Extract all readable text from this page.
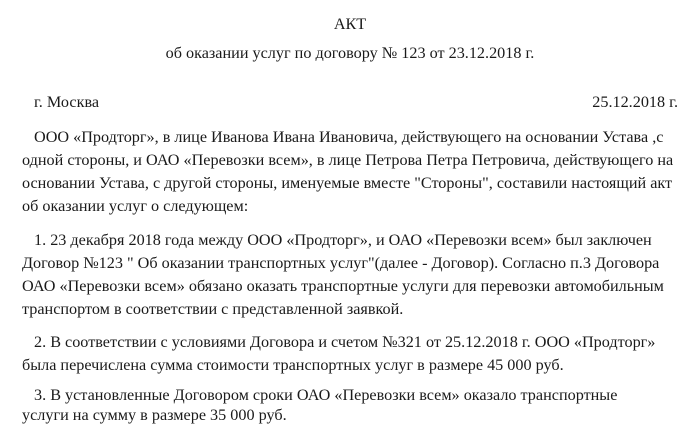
АКТ
об оказании услуг по договору № 123 от 23.12.2018 г.
г. Москва	25.12.2018 г.
ООО «Продторг», в лице Иванова Ивана Ивановича, действующего на основании Устава ,с
одной стороны, и ОАО «Перевозки всем», в лице Петрова Петра Петровича, действующего на
основании Устава, с другой стороны, именуемые вместе "Стороны", составили настоящий акт
об оказании услуг о следующем:
1. 23 декабря 2018 года между ООО «Продторг», и ОАО «Перевозки всем» был заключен
Договор №123 " Об оказании транспортных услуг"(далее - Договор). Согласно п.3 Договора
ОАО «Перевозки всем» обязано оказать транспортные услуги для перевозки автомобильным
транспортом в соответствии с представленной заявкой.
2. В соответствии с условиями Договора и счетом №321 от 25.12.2018 г. ООО «Продторг»
была перечислена сумма стоимости транспортных услуг в размере 45 000 руб.
3. В установленные Договором сроки ОАО «Перевозки всем» оказало транспортные
услуги на сумму в размере 35 000 руб.
